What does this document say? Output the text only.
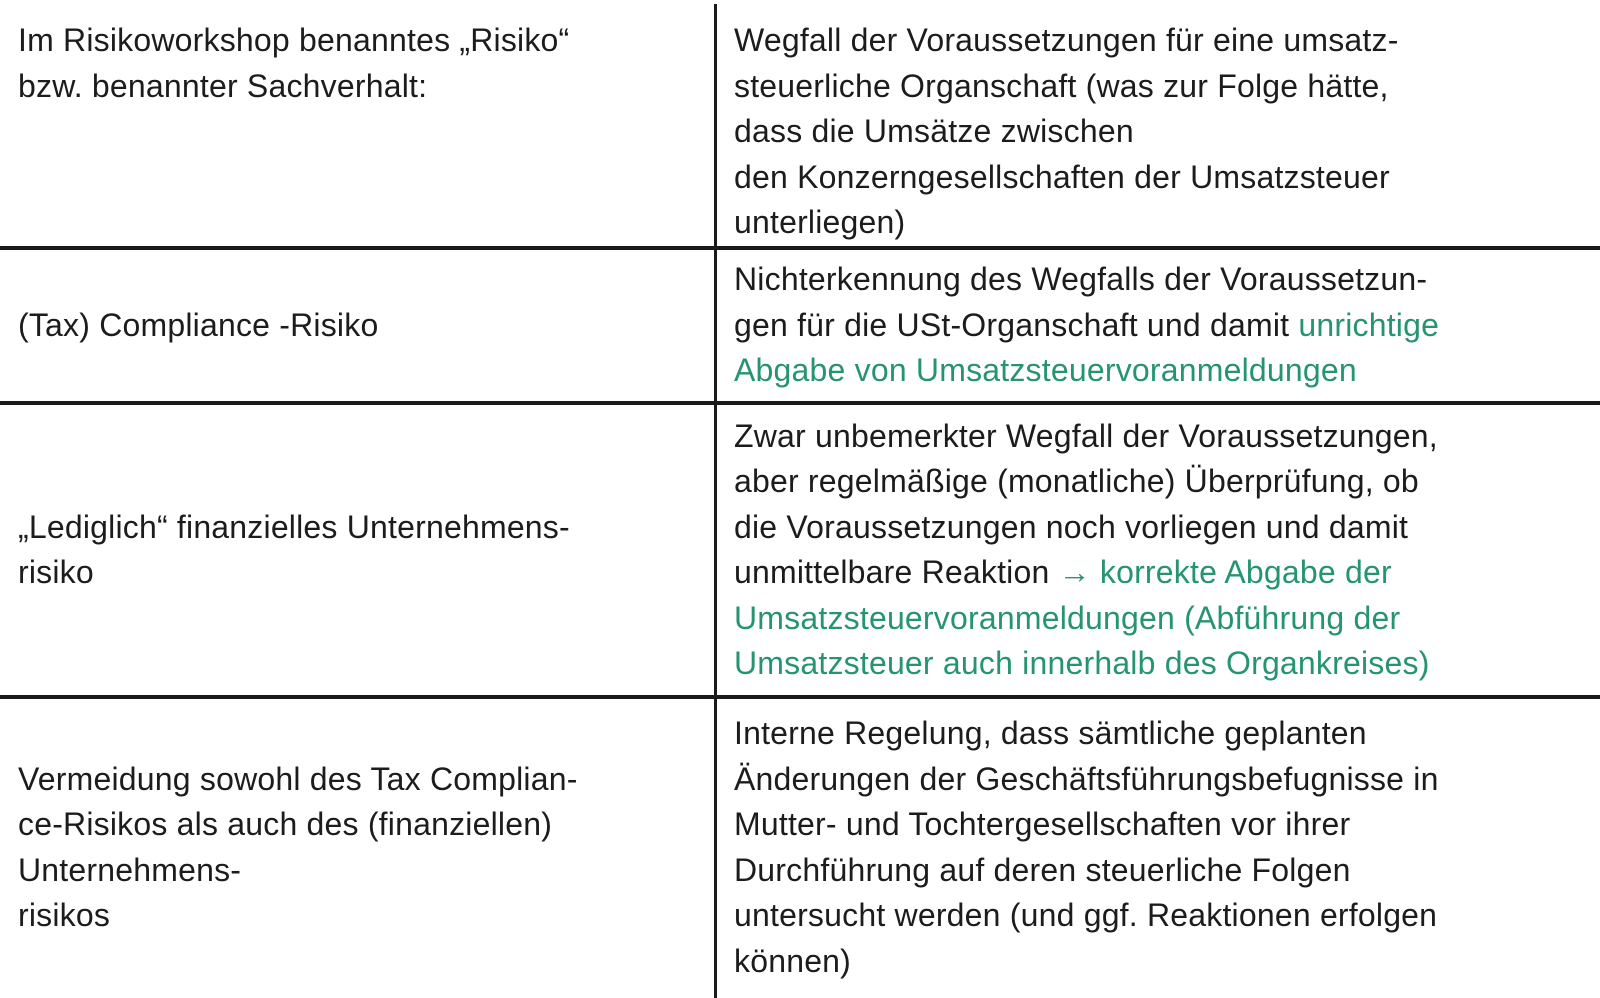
Im Risikoworkshop benanntes „Risiko“
bzw. benannter Sachverhalt:

Wegfall der Voraussetzungen für eine umsatz-
steuerliche Organschaft (was zur Folge hätte,
dass die Umsätze zwischen
den Konzerngesellschaften der Umsatzsteuer
unterliegen)

(Tax) Compliance -Risiko

Nichterkennung des Wegfalls der Voraussetzun-
gen für die USt-Organschaft und damit unrichtige
Abgabe von Umsatzsteuervoranmeldungen

„Lediglich“ finanzielles Unternehmens-
risiko

Zwar unbemerkter Wegfall der Voraussetzungen,
aber regelmäßige (monatliche) Überprüfung, ob
die Voraussetzungen noch vorliegen und damit
unmittelbare Reaktion → korrekte Abgabe der
Umsatzsteuervoranmeldungen (Abführung der
Umsatzsteuer auch innerhalb des Organkreises)

Vermeidung sowohl des Tax Complian-
ce-Risikos als auch des (finanziellen)
Unternehmens-
risikos

Interne Regelung, dass sämtliche geplanten
Änderungen der Geschäftsführungsbefugnisse in
Mutter- und Tochtergesellschaften vor ihrer
Durchführung auf deren steuerliche Folgen
untersucht werden (und ggf. Reaktionen erfolgen
können)
